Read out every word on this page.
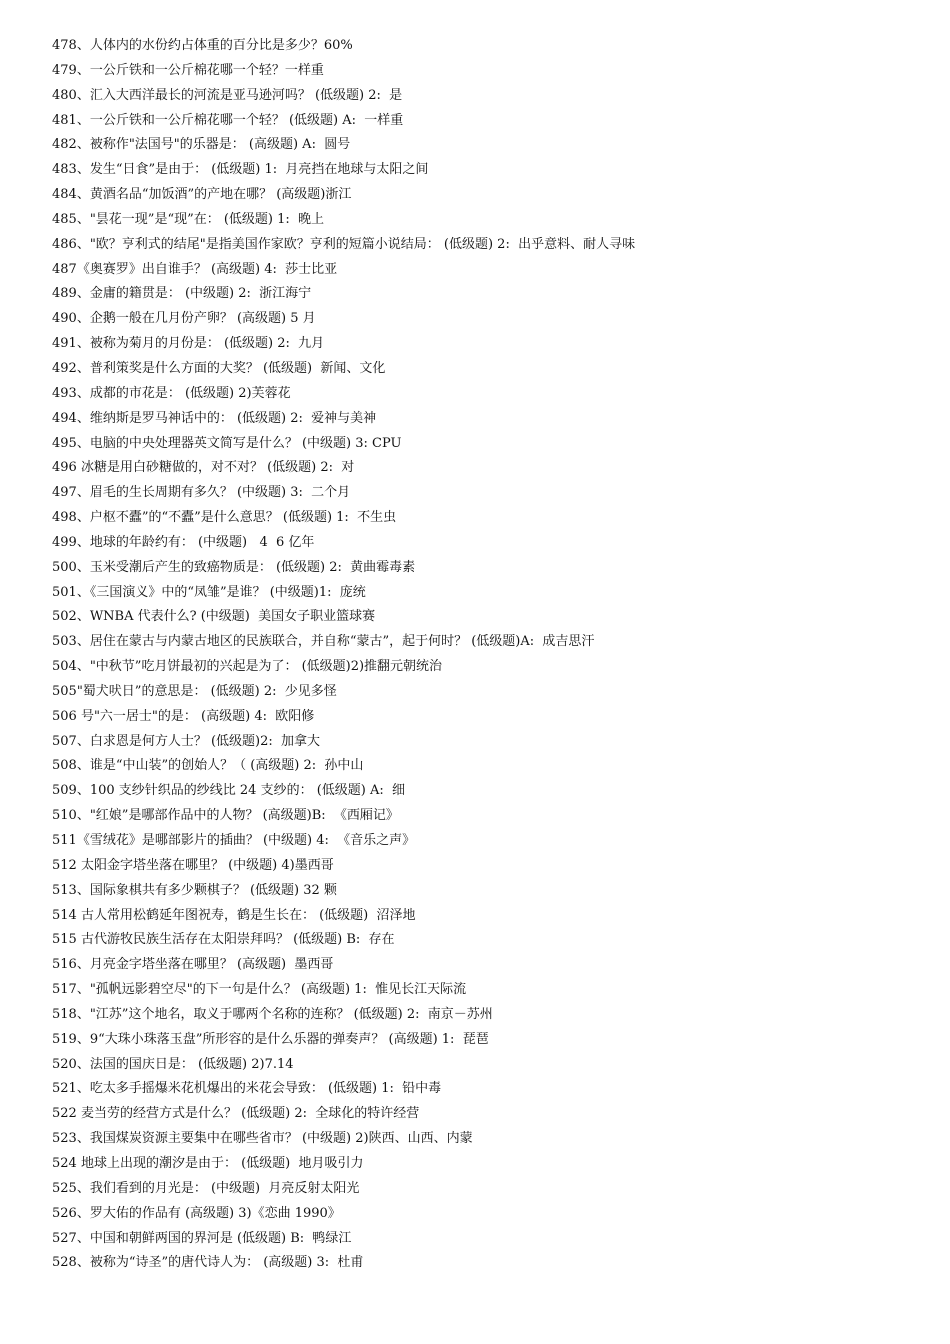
478、人体内的水份约占体重的百分比是多少？60%
479、一公斤铁和一公斤棉花哪一个轻？一样重
480、汇入大西洋最长的河流是亚马逊河吗？ (低级题) 2:  是
481、一公斤铁和一公斤棉花哪一个轻？ (低级题) A:  一样重
482、被称作"法国号"的乐器是： (高级题) A:  圆号
483、发生“日食”是由于： (低级题) 1:  月亮挡在地球与太阳之间
484、黄酒名品“加饭酒”的产地在哪？ (高级题)浙江
485、"昙花一现”是“现”在： (低级题) 1:  晚上
486、"欧？亨利式的结尾"是指美国作家欧？亨利的短篇小说结局： (低级题) 2:  出乎意料、耐人寻味
487《奥赛罗》出自谁手？ (高级题) 4:  莎士比亚
489、金庸的籍贯是： (中级题) 2:  浙江海宁
490、企鹅一般在几月份产卵？ (高级题) 5 月
491、被称为菊月的月份是： (低级题) 2:  九月
492、普利策奖是什么方面的大奖？ (低级题)  新闻、文化
493、成都的市花是： (低级题) 2)芙蓉花
494、维纳斯是罗马神话中的： (低级题) 2:  爱神与美神
495、电脑的中央处理器英文简写是什么？ (中级题) 3: CPU
496 冰糖是用白砂糖做的，对不对？ (低级题) 2:  对
497、眉毛的生长周期有多久？ (中级题) 3:  二个月
498、户枢不蠹”的“不蠹”是什么意思？ (低级题) 1:  不生虫
499、地球的年龄约有： (中级题)   4  6 亿年
500、玉米受潮后产生的致癌物质是： (低级题) 2:  黄曲霉毒素
501、《三国演义》中的“凤雏”是谁？ (中级题)1:  庞统
502、WNBA 代表什么? (中级题)  美国女子职业篮球赛
503、居住在蒙古与内蒙古地区的民族联合，并自称“蒙古”，起于何时？ (低级题)A:  成吉思汗
504、"中秋节”吃月饼最初的兴起是为了： (低级题)2)推翻元朝统治
505"蜀犬吠日”的意思是： (低级题) 2:  少见多怪
506 号"六一居士"的是： (高级题) 4:  欧阳修
507、白求恩是何方人士？ (低级题)2:  加拿大
508、谁是“中山装”的创始人？（ (高级题) 2:  孙中山
509、100 支纱针织品的纱线比 24 支纱的： (低级题) A:  细
510、"红娘”是哪部作品中的人物？ (高级题)B:  《西厢记》
511《雪绒花》是哪部影片的插曲？ (中级题) 4:  《音乐之声》
512 太阳金字塔坐落在哪里？ (中级题) 4)墨西哥
513、国际象棋共有多少颗棋子？ (低级题) 32 颗
514 古人常用松鹤延年图祝寿，鹤是生长在： (低级题)  沼泽地
515 古代游牧民族生活存在太阳崇拜吗？ (低级题) B:  存在
516、月亮金字塔坐落在哪里？ (高级题)  墨西哥
517、"孤帆远影碧空尽"的下一句是什么？ (高级题) 1:  惟见长江天际流
518、"江苏”这个地名，取义于哪两个名称的连称？ (低级题) 2:  南京－苏州
519、9“大珠小珠落玉盘”所形容的是什么乐器的弹奏声？ (高级题) 1:  琵琶
520、法国的国庆日是： (低级题) 2)7.14
521、吃太多手摇爆米花机爆出的米花会导致： (低级题) 1:  铅中毒
522 麦当劳的经营方式是什么？ (低级题) 2:  全球化的特许经营
523、我国煤炭资源主要集中在哪些省市？ (中级题) 2)陕西、山西、内蒙
524 地球上出现的潮汐是由于： (低级题)  地月吸引力
525、我们看到的月光是： (中级题)  月亮反射太阳光
526、罗大佑的作品有 (高级题) 3)《恋曲 1990》
527、中国和朝鲜两国的界河是 (低级题) B:  鸭绿江
528、被称为“诗圣”的唐代诗人为： (高级题) 3:  杜甫
